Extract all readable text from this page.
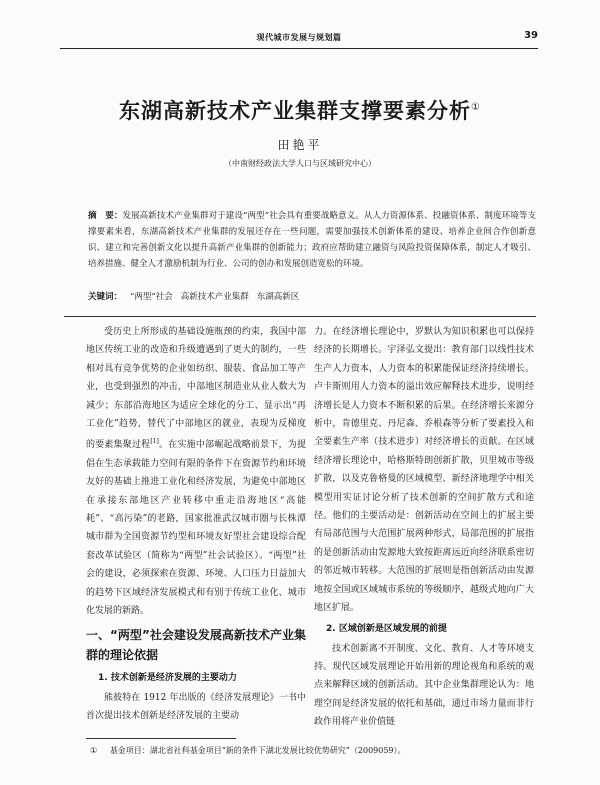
现代城市发展与规划篇	39
东湖高新技术产业集群支撑要素分析①
田艳平
（中南财经政法大学人口与区域研究中心）
摘　要：发展高新技术产业集群对于建设“两型”社会具有重要战略意义。从人力资源体系、投融资体系、制度环境等支撑要素来看，东湖高新技术产业集群的发展还存在一些问题，需要加强技术创新体系的建设、培养企业间合作创新意识、建立和完善创新文化以提升高新产业集群的创新能力；政府应帮助建立融资与风险投资保障体系，制定人才吸引、培养措施、健全人才激励机制为行业、公司的创办和发展创造宽松的环境。
关键词： “两型”社会 高新技术产业集群 东湖高新区

受历史上所形成的基础设施瓶颈的约束，我国中部地区传统工业的改造和升级遭遇到了更大的制约，一些相对具有竞争优势的企业如纺织、服装、食品加工等产业，也受到强烈的冲击，中部地区制造业从业人数大为减少；东部沿海地区为适应全球化的分工、显示出“再工业化”趋势，替代了中部地区的就业，表现为反梯度的要素集聚过程[1]。在实施中部崛起战略前景下，为提倡在生态承载能力空间有限的条件下在资源节约和环境友好的基础上推进工业化和经济发展，为避免中部地区在承接东部地区产业转移中重走沿海地区“高能耗”、“高污染”的老路，国家批准武汉城市圈与长株潭城市群为全国资源节约型和环境友好型社会建设综合配套改革试验区（简称为“两型”社会试验区）。“两型”社会的建设，必须探索在资源、环境、人口压力日益加大的趋势下区域经济发展模式和有别于传统工业化、城市化发展的新路。

一、“两型”社会建设发展高新技术产业集群的理论依据
1. 技术创新是经济发展的主要动力

熊彼特在 1912 年出版的《经济发展理论》一书中首次提出技术创新是经济发展的主要动

力。在经济增长理论中，罗默认为知识积累也可以保持经济的长期增长。宇泽弘文提出：教育部门以线性技术生产人力资本，人力资本的积累能保证经济持续增长。卢卡斯则用人力资本的溢出效应解释技术进步，说明经济增长是人力资本不断积累的后果。在经济增长来源分析中，肯德里克、丹尼森、乔根森等分析了要素投入和全要素生产率（技术进步）对经济增长的贡献。在区域经济增长理论中，哈格斯特朗创新扩散，贝里城市等级扩散，以及克鲁格曼的区域模型、新经济地理学中相关模型用实证讨论分析了技术创新的空间扩散方式和途径。他们的主要活动是：创新活动在空间上的扩展主要有局部范围与大范围扩展两种形式，局部范围的扩展指的是创新活动由发源地大致按距离远近向经济联系密切的邻近城市转移。大范围的扩展则是指创新活动由发源地按全国或区域城市系统的等级顺序，越级式地向广大地区扩展。

2. 区域创新是区域发展的前提

技术创新离不开制度、文化、教育、人才等环境支持。现代区域发展理论开始用新的理论视角和系统的观点来解释区域的创新活动。其中企业集群理论认为：地理空间是经济发展的依托和基础，通过市场力量而非行政作用将产业价值链

① 基金项目：湖北省社科基金项目“新的条件下湖北发展比较优势研究”（2009059）。
